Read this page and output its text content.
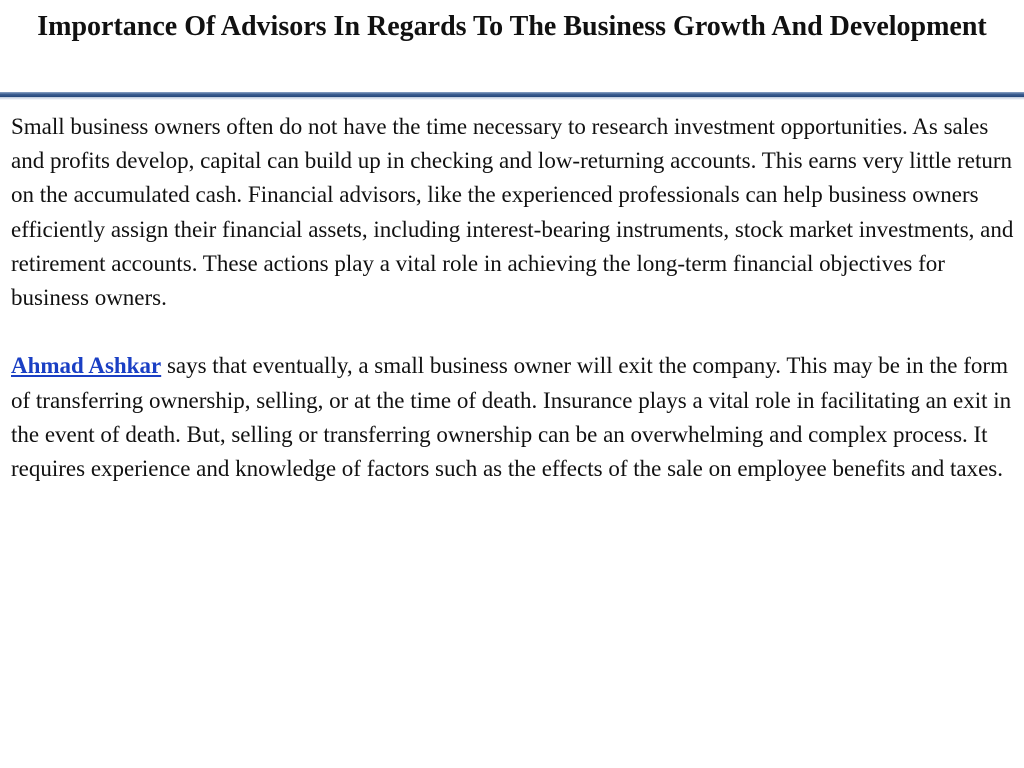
Importance Of Advisors In Regards To The Business Growth And Development

Small business owners often do not have the time necessary to research investment opportunities. As sales and profits develop, capital can build up in checking and low-returning accounts. This earns very little return on the accumulated cash. Financial advisors, like the experienced professionals can help business owners efficiently assign their financial assets, including interest-bearing instruments, stock market investments, and retirement accounts. These actions play a vital role in achieving the long-term financial objectives for business owners.

Ahmad Ashkar says that eventually, a small business owner will exit the company. This may be in the form of transferring ownership, selling, or at the time of death. Insurance plays a vital role in facilitating an exit in the event of death. But, selling or transferring ownership can be an overwhelming and complex process. It requires experience and knowledge of factors such as the effects of the sale on employee benefits and taxes.
